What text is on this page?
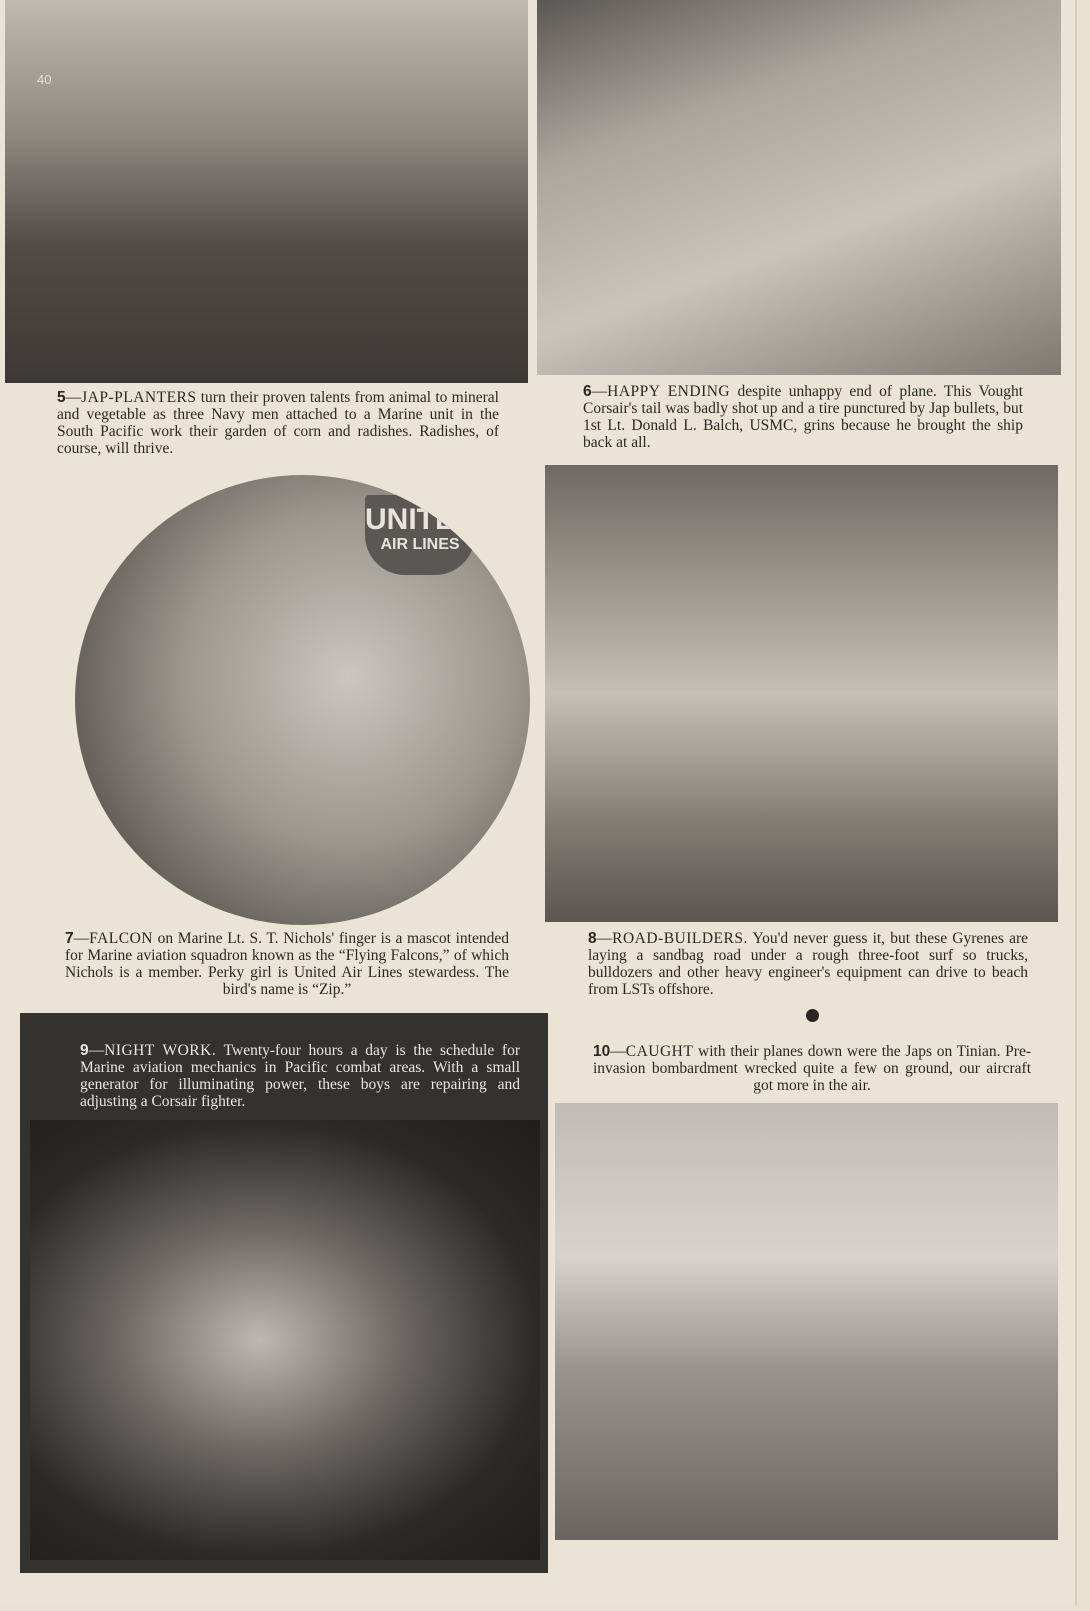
40
UNITED
AIR LINES
5—JAP-PLANTERS turn their proven talents from animal to mineral and vegetable as three Navy men attached to a Marine unit in the South Pacific work their garden of corn and radishes. Radishes, of course, will thrive.
6—HAPPY ENDING despite unhappy end of plane. This Vought Corsair's tail was badly shot up and a tire punctured by Jap bullets, but 1st Lt. Donald L. Balch, USMC, grins because he brought the ship back at all.
7—FALCON on Marine Lt. S. T. Nichols' finger is a mascot intended for Marine aviation squadron known as the “Flying Falcons,” of which Nichols is a member. Perky girl is United Air Lines stewardess. The bird's name is “Zip.”
8—ROAD-BUILDERS. You'd never guess it, but these Gyrenes are laying a sandbag road under a rough three-foot surf so trucks, bulldozers and other heavy engineer's equipment can drive to beach from LSTs offshore.
9—NIGHT WORK. Twenty-four hours a day is the schedule for Marine aviation mechanics in Pacific combat areas. With a small generator for illuminating power, these boys are repairing and adjusting a Corsair fighter.
10—CAUGHT with their planes down were the Japs on Tinian. Pre-invasion bombardment wrecked quite a few on ground, our aircraft got more in the air.
